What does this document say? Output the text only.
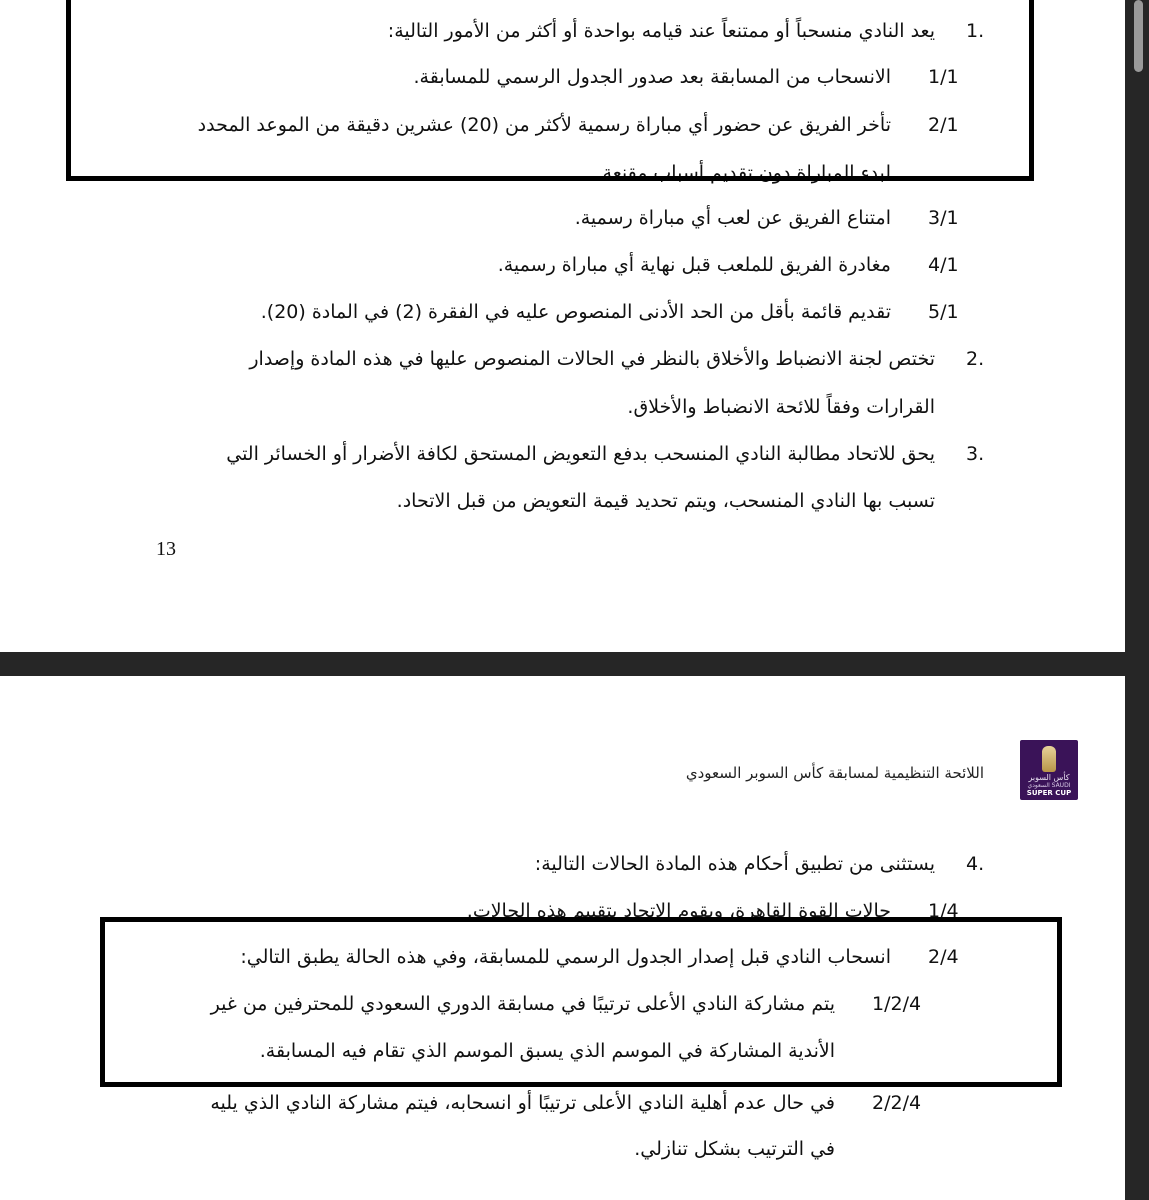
1.
يعد النادي منسحباً أو ممتنعاً عند قيامه بواحدة أو أكثر من الأمور التالية:
1/1
الانسحاب من المسابقة بعد صدور الجدول الرسمي للمسابقة.
2/1
تأخر الفريق عن حضور أي مباراة رسمية لأكثر من (20) عشرين دقيقة من الموعد المحدد
لبدء المباراة دون تقديم أسباب مقنعة.
3/1
امتناع الفريق عن لعب أي مباراة رسمية.
4/1
مغادرة الفريق للملعب قبل نهاية أي مباراة رسمية.
5/1
تقديم قائمة بأقل من الحد الأدنى المنصوص عليه في الفقرة (2) في المادة (20).
2.
تختص لجنة الانضباط والأخلاق بالنظر في الحالات المنصوص عليها في هذه المادة وإصدار
القرارات وفقاً للائحة الانضباط والأخلاق.
3.
يحق للاتحاد مطالبة النادي المنسحب بدفع التعويض المستحق لكافة الأضرار أو الخسائر التي
تسبب بها النادي المنسحب، ويتم تحديد قيمة التعويض من قبل الاتحاد.
13
كأس السوبر
السعودي SAUDI
SUPER CUP
اللائحة التنظيمية لمسابقة كأس السوبر السعودي
4.
يستثنى من تطبيق أحكام هذه المادة الحالات التالية:
1/4
حالات القوة القاهرة، ويقوم الاتحاد بتقييم هذه الحالات.
2/4
انسحاب النادي قبل إصدار الجدول الرسمي للمسابقة، وفي هذه الحالة يطبق التالي:
1/2/4
يتم مشاركة النادي الأعلى ترتيبًا في مسابقة الدوري السعودي للمحترفين من غير
الأندية المشاركة في الموسم الذي يسبق الموسم الذي تقام فيه المسابقة.
2/2/4
في حال عدم أهلية النادي الأعلى ترتيبًا أو انسحابه، فيتم مشاركة النادي الذي يليه
في الترتيب بشكل تنازلي.
